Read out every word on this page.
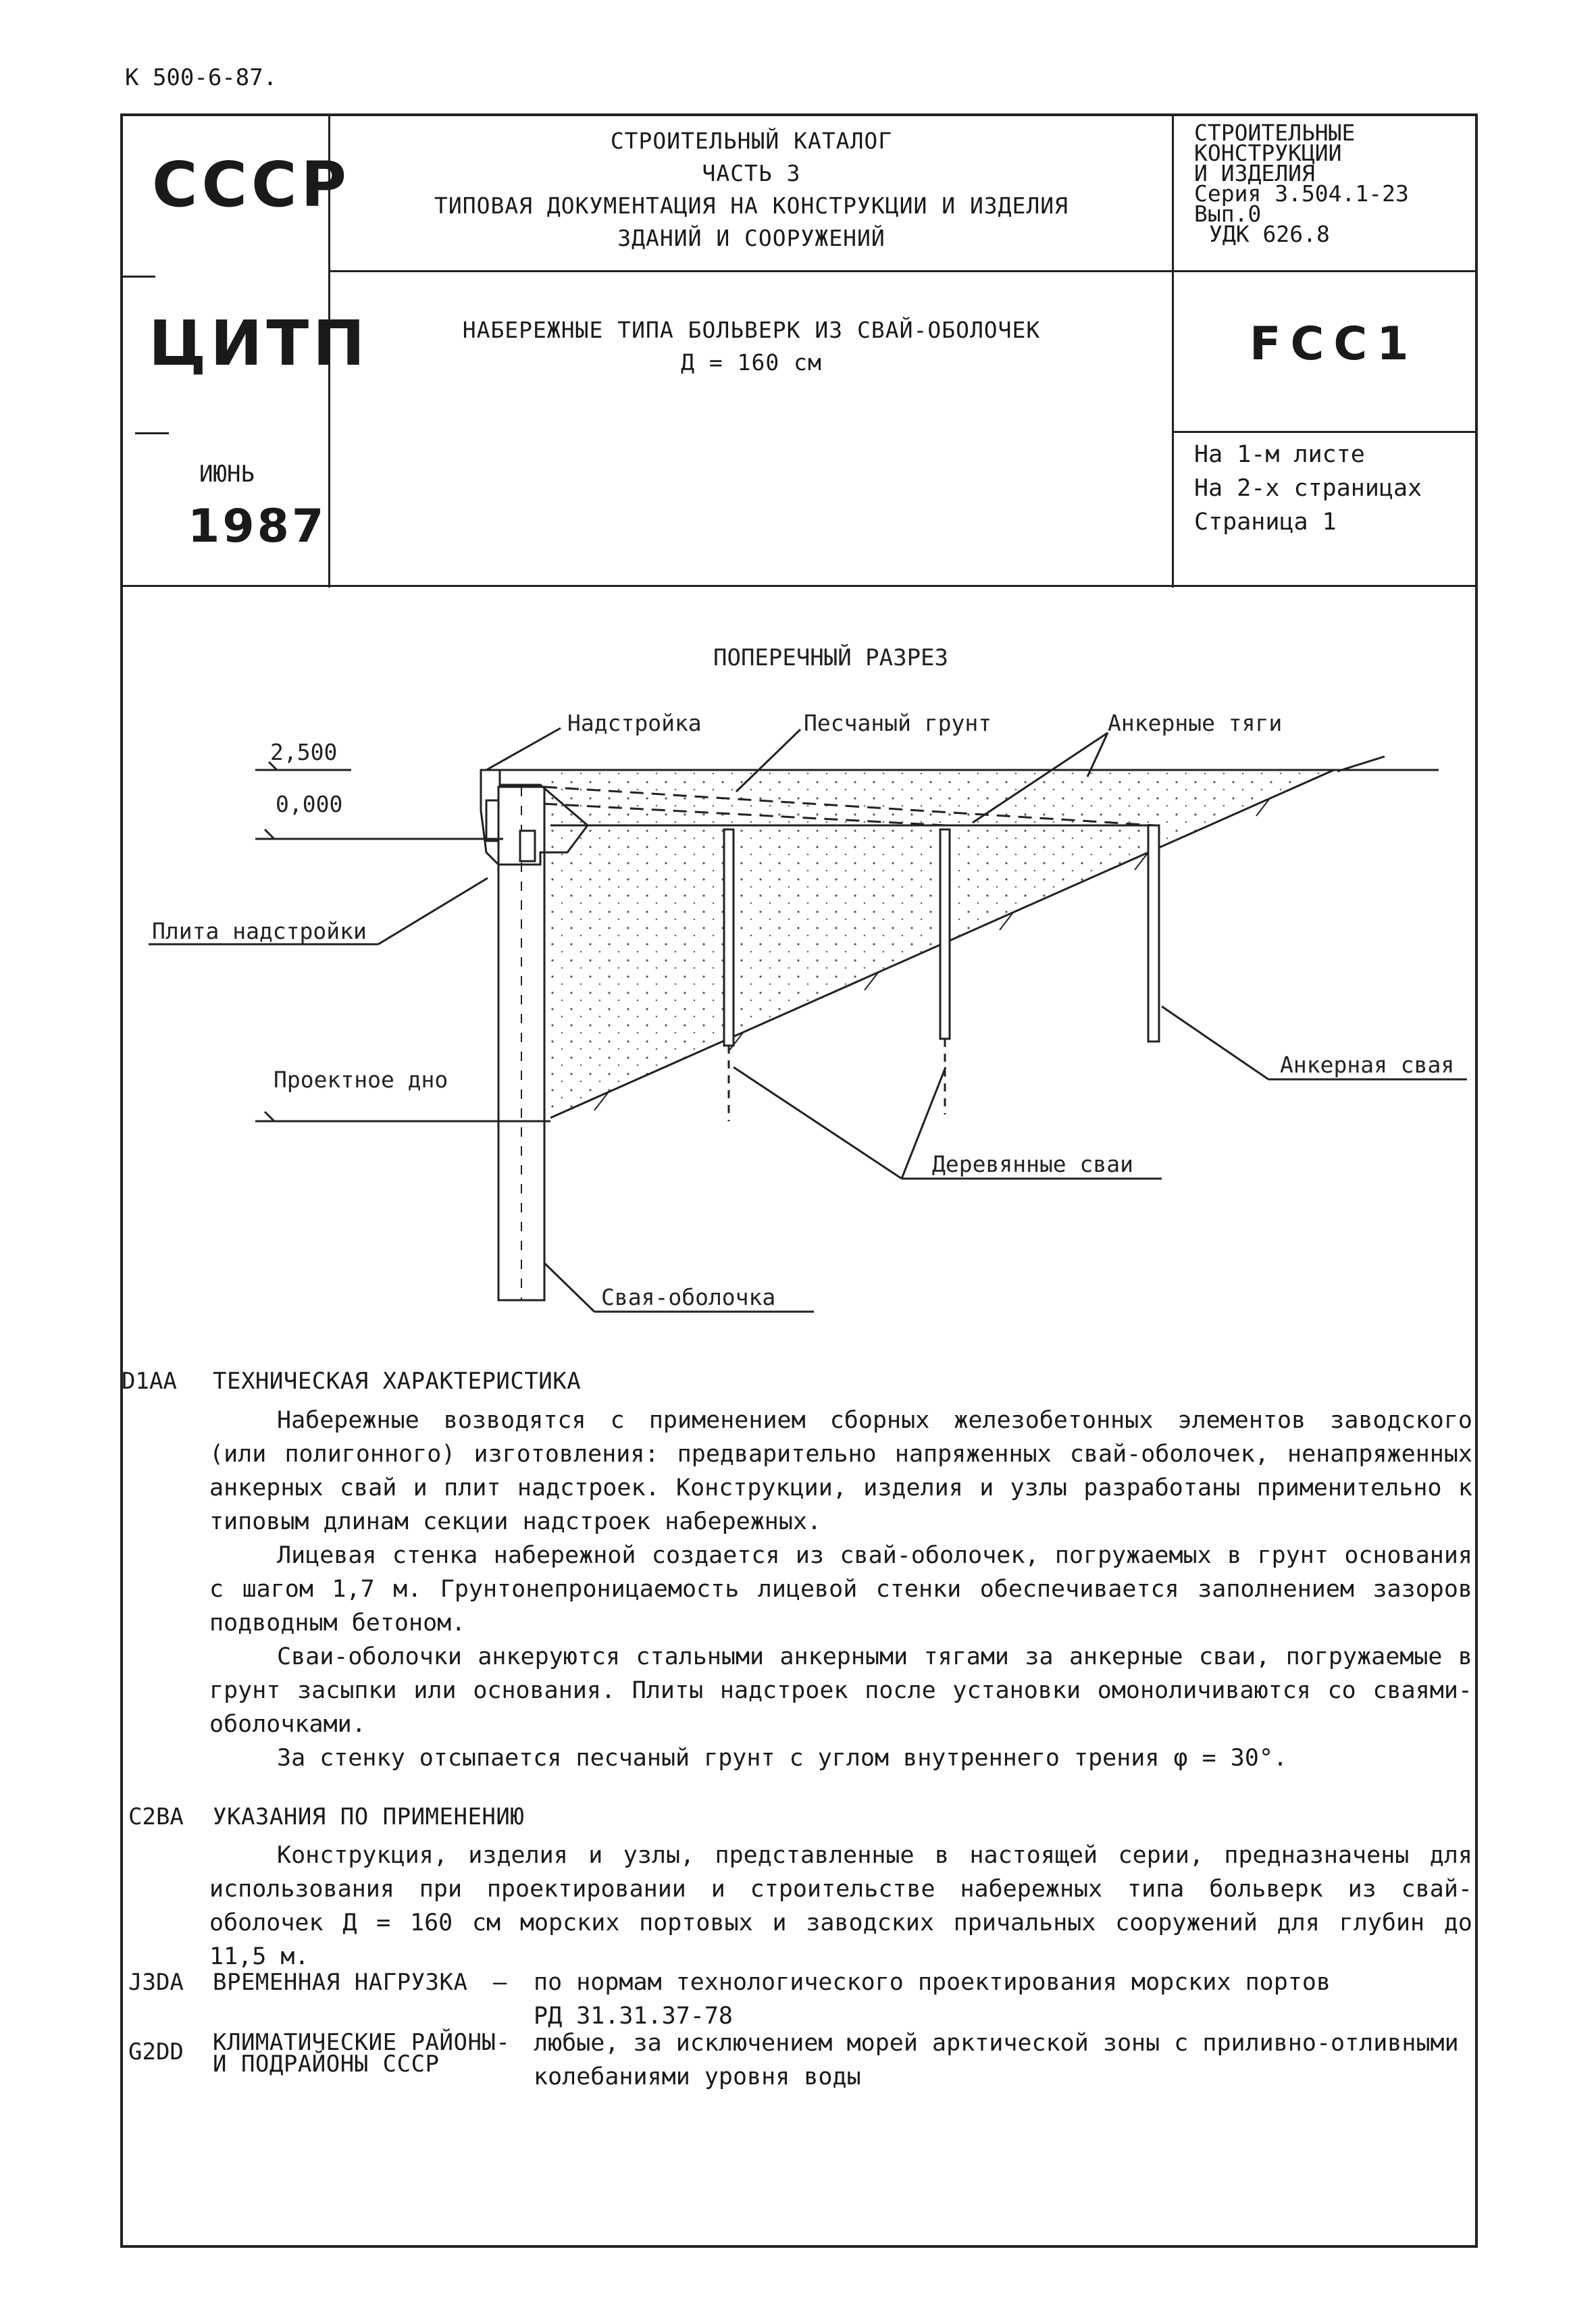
К 500-6-87.
СССР
ЦИТП
ИЮНЬ
1987
СТРОИТЕЛЬНЫЙ КАТАЛОГ
ЧАСТЬ 3
ТИПОВАЯ ДОКУМЕНТАЦИЯ НА КОНСТРУКЦИИ И ИЗДЕЛИЯ
ЗДАНИЙ И СООРУЖЕНИЙ
НАБЕРЕЖНЫЕ ТИПА БОЛЬВЕРК ИЗ СВАЙ-ОБОЛОЧЕК
Д = 160 см
СТРОИТЕЛЬНЫЕ
КОНСТРУКЦИИ
И ИЗДЕЛИЯ
Серия 3.504.1-23
Вып.0
УДК 626.8
FCC1
На 1-м листе
На 2-х страницах
Страница 1
ПОПЕРЕЧНЫЙ РАЗРЕЗ
2,500
0,000
Надстройка	Песчаный грунт	Анкерные тяги
Плита надстройки
Проектное дно
Анкерная свая
Деревянные сваи
Свая-оболочка
D1AA ТЕХНИЧЕСКАЯ ХАРАКТЕРИСТИКА
Набережные возводятся с применением сборных железобетонных элементов заводского (или полигонного) изготовления: предварительно напряженных свай-оболочек, ненапряженных анкерных свай и плит надстроек. Конструкции, изделия и узлы разработаны применительно к типовым длинам секции надстроек набережных.
Лицевая стенка набережной создается из свай-оболочек, погружаемых в грунт основания с шагом 1,7 м. Грунтонепроницаемость лицевой стенки обеспечивается заполнением зазоров подводным бетоном.
Сваи-оболочки анкеруются стальными анкерными тягами за анкерные сваи, погружаемые в грунт засыпки или основания. Плиты надстроек после установки омоноличиваются со сваями-оболочками.
За стенку отсыпается песчаный грунт с углом внутреннего трения φ = 30°.
C2BA УКАЗАНИЯ ПО ПРИМЕНЕНИЮ
Конструкция, изделия и узлы, представленные в настоящей серии, предназначены для использования при проектировании и строительстве набережных типа больверк из свай-оболочек Д = 160 см морских портовых и заводских причальных сооружений для глубин до 11,5 м.
J3DA ВРЕМЕННАЯ НАГРУЗКА – по нормам технологического проектирования морских портов
РД 31.31.37-78
G2DD КЛИМАТИЧЕСКИЕ РАЙОНЫ-
И ПОДРАЙОНЫ СССР
любые, за исключением морей арктической зоны с приливно-отливными
колебаниями уровня воды
